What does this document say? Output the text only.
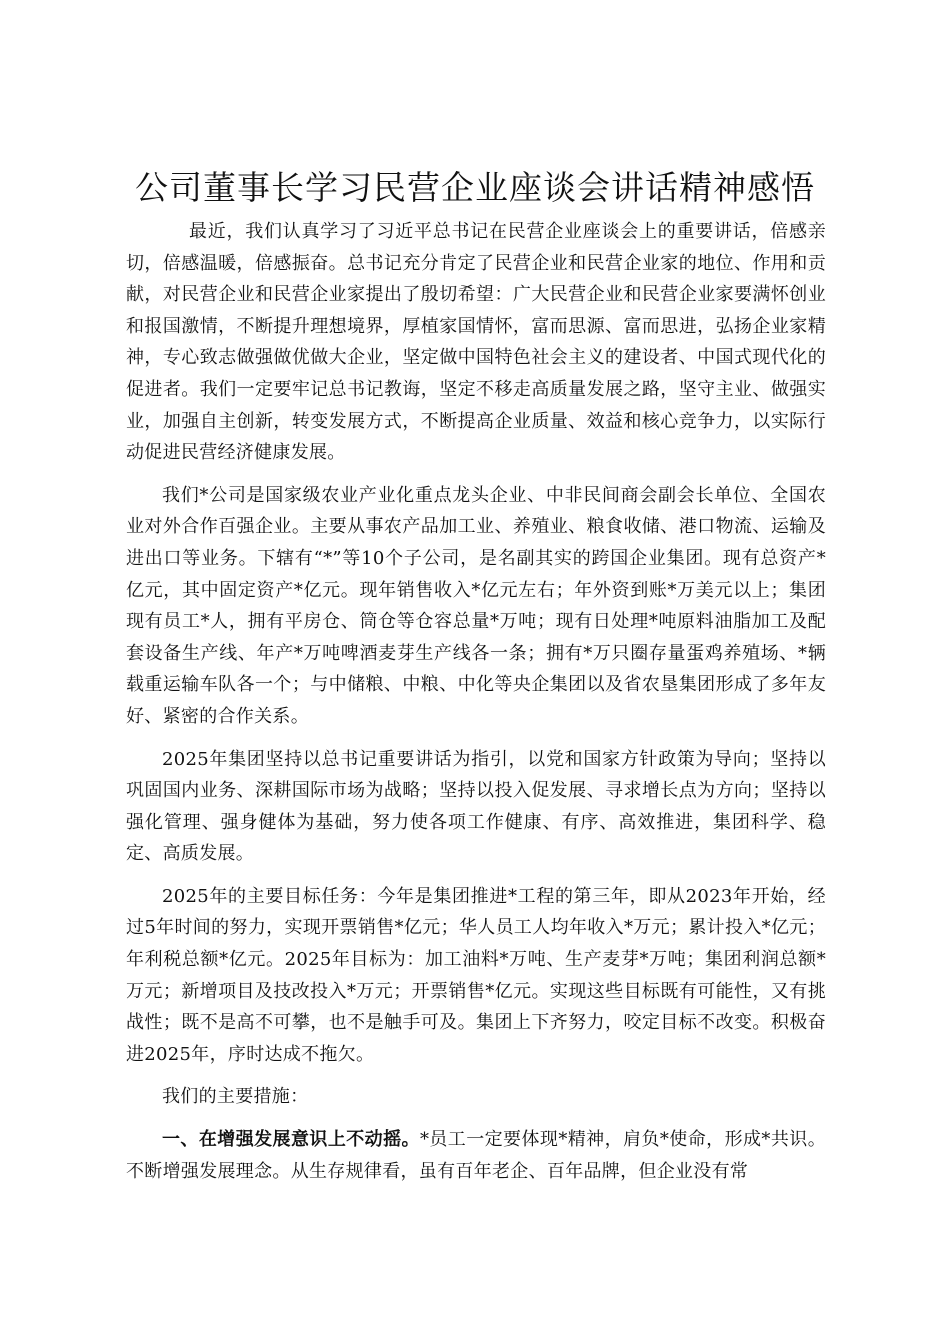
公司董事长学习民营企业座谈会讲话精神感悟

最近，我们认真学习了习近平总书记在民营企业座谈会上的重要讲话，倍感亲切，倍感温暖，倍感振奋。总书记充分肯定了民营企业和民营企业家的地位、作用和贡献，对民营企业和民营企业家提出了殷切希望：广大民营企业和民营企业家要满怀创业和报国激情，不断提升理想境界，厚植家国情怀，富而思源、富而思进，弘扬企业家精神，专心致志做强做优做大企业，坚定做中国特色社会主义的建设者、中国式现代化的促进者。我们一定要牢记总书记教诲，坚定不移走高质量发展之路，坚守主业、做强实业，加强自主创新，转变发展方式，不断提高企业质量、效益和核心竞争力，以实际行动促进民营经济健康发展。

我们*公司是国家级农业产业化重点龙头企业、中非民间商会副会长单位、全国农业对外合作百强企业。主要从事农产品加工业、养殖业、粮食收储、港口物流、运输及进出口等业务。下辖有“*”等10个子公司，是名副其实的跨国企业集团。现有总资产*亿元，其中固定资产*亿元。现年销售收入*亿元左右；年外资到账*万美元以上；集团现有员工*人，拥有平房仓、筒仓等仓容总量*万吨；现有日处理*吨原料油脂加工及配套设备生产线、年产*万吨啤酒麦芽生产线各一条；拥有*万只圈存量蛋鸡养殖场、*辆载重运输车队各一个；与中储粮、中粮、中化等央企集团以及省农垦集团形成了多年友好、紧密的合作关系。

2025年集团坚持以总书记重要讲话为指引，以党和国家方针政策为导向；坚持以巩固国内业务、深耕国际市场为战略；坚持以投入促发展、寻求增长点为方向；坚持以强化管理、强身健体为基础，努力使各项工作健康、有序、高效推进，集团科学、稳定、高质发展。

2025年的主要目标任务：今年是集团推进*工程的第三年，即从2023年开始，经过5年时间的努力，实现开票销售*亿元；华人员工人均年收入*万元；累计投入*亿元；年利税总额*亿元。2025年目标为：加工油料*万吨、生产麦芽*万吨；集团利润总额*万元；新增项目及技改投入*万元；开票销售*亿元。实现这些目标既有可能性，又有挑战性；既不是高不可攀，也不是触手可及。集团上下齐努力，咬定目标不改变。积极奋进2025年，序时达成不拖欠。

我们的主要措施：

一、在增强发展意识上不动摇。*员工一定要体现*精神，肩负*使命，形成*共识。不断增强发展理念。从生存规律看，虽有百年老企、百年品牌，但企业没有常
